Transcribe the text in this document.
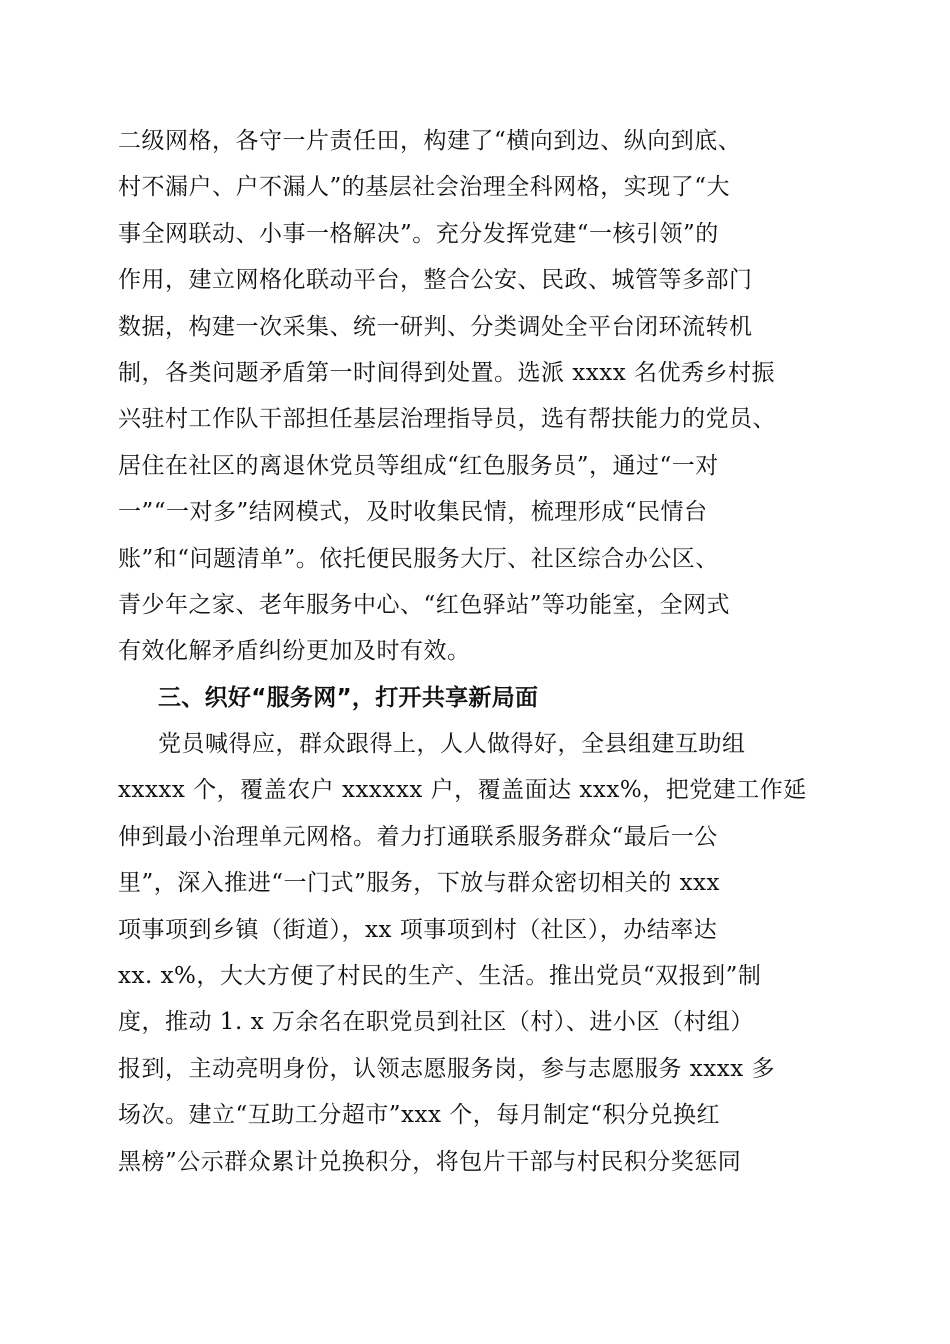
二级网格，各守一片责任田，构建了“横向到边、纵向到底、
村不漏户、户不漏人”的基层社会治理全科网格，实现了“大
事全网联动、小事一格解决”。充分发挥党建“一核引领”的
作用，建立网格化联动平台，整合公安、民政、城管等多部门
数据，构建一次采集、统一研判、分类调处全平台闭环流转机
制，各类问题矛盾第一时间得到处置。选派 xxxx 名优秀乡村振
兴驻村工作队干部担任基层治理指导员，选有帮扶能力的党员、
居住在社区的离退休党员等组成“红色服务员”，通过“一对
一”“一对多”结网模式，及时收集民情，梳理形成“民情台
账”和“问题清单”。依托便民服务大厅、社区综合办公区、
青少年之家、老年服务中心、“红色驿站”等功能室，全网式
有效化解矛盾纠纷更加及时有效。
三、织好“服务网”，打开共享新局面
党员喊得应，群众跟得上，人人做得好，全县组建互助组
xxxxx 个，覆盖农户 xxxxxx 户，覆盖面达 xxx%，把党建工作延
伸到最小治理单元网格。着力打通联系服务群众“最后一公
里”，深入推进“一门式”服务，下放与群众密切相关的 xxx
项事项到乡镇（街道），xx 项事项到村（社区），办结率达
xx. x%，大大方便了村民的生产、生活。推出党员“双报到”制
度，推动 1. x 万余名在职党员到社区（村）、进小区（村组）
报到，主动亮明身份，认领志愿服务岗，参与志愿服务 xxxx 多
场次。建立“互助工分超市”xxx 个，每月制定“积分兑换红
黑榜”公示群众累计兑换积分，将包片干部与村民积分奖惩同
